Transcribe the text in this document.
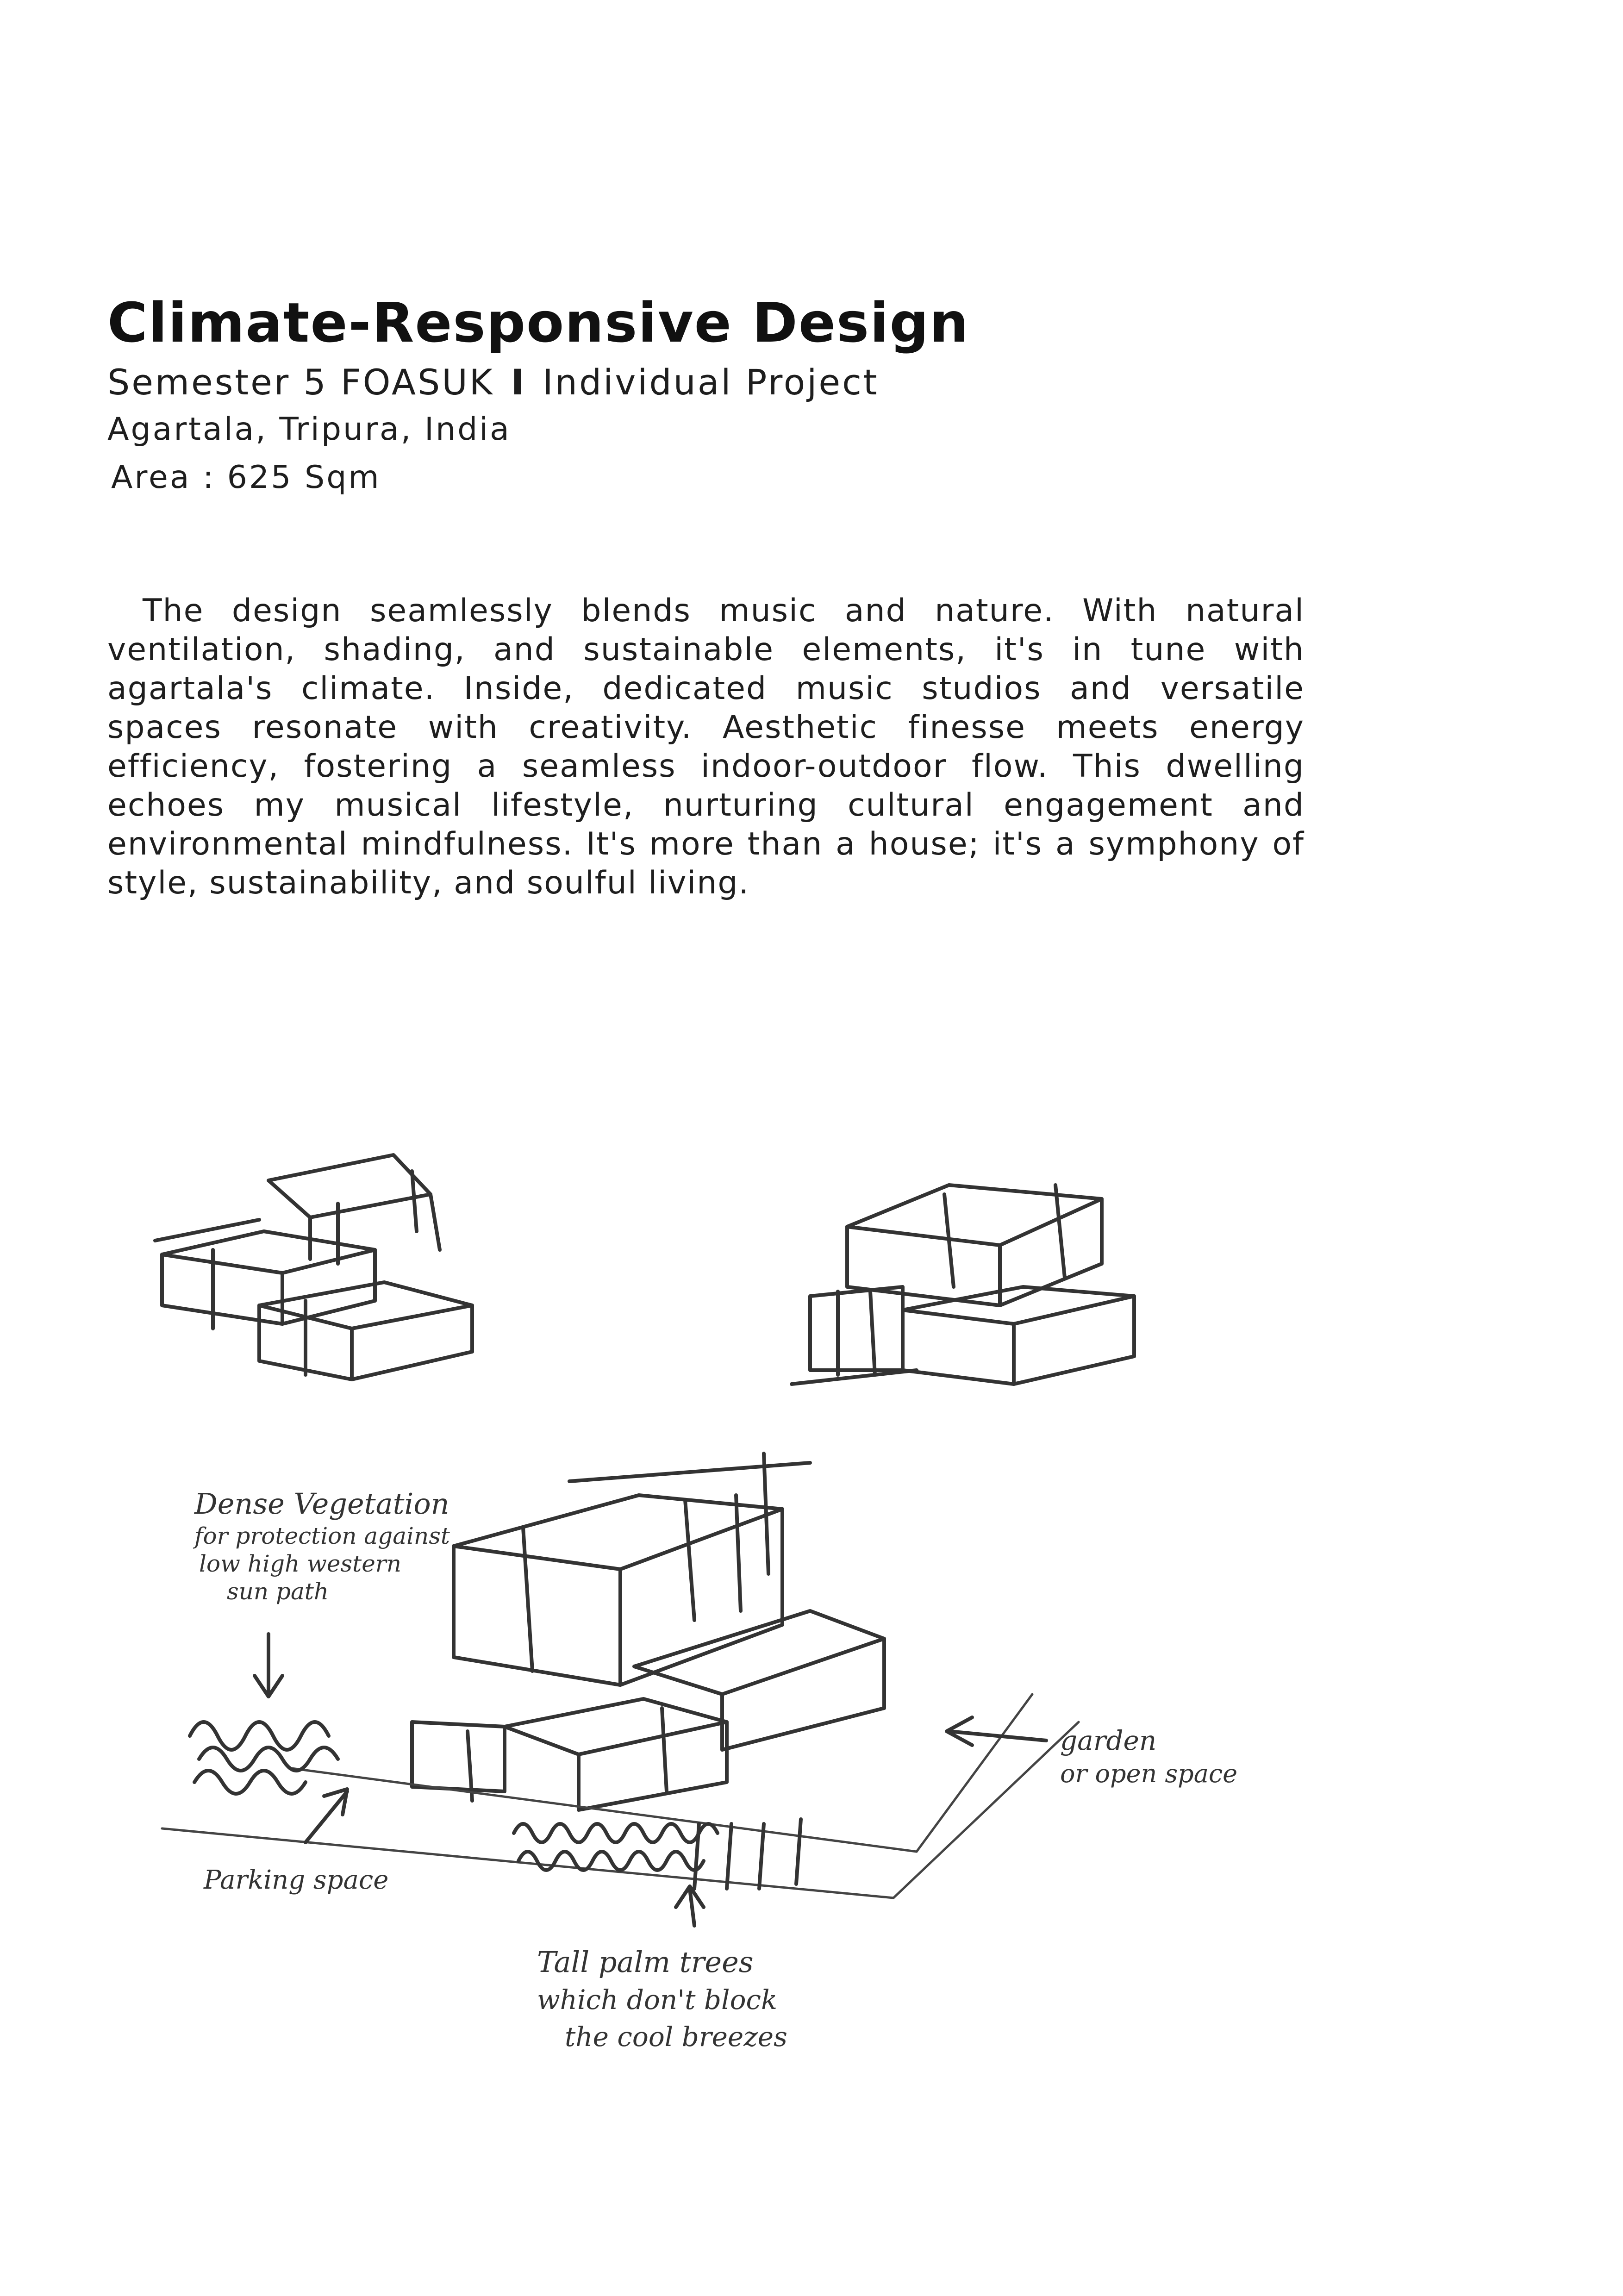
Climate-Responsive Design
Semester 5 FOASUK I Individual Project
Agartala, Tripura, India
Area : 625 Sqm

The design seamlessly blends music and nature. With natural ventilation, shading, and sustainable elements, it's in tune with agartala's climate. Inside, dedicated music studios and versatile spaces resonate with creativity. Aesthetic finesse meets energy efficiency, fostering a seamless indoor-outdoor flow. This dwelling echoes my musical lifestyle, nurturing cultural engagement and environmental mindfulness. It's more than a house; it's a symphony of style, sustainability, and soulful living.

Dense Vegetation
for protection against
low high western
sun path
Parking space
garden
or open space
Tall palm trees
which don't block
the cool breezes
